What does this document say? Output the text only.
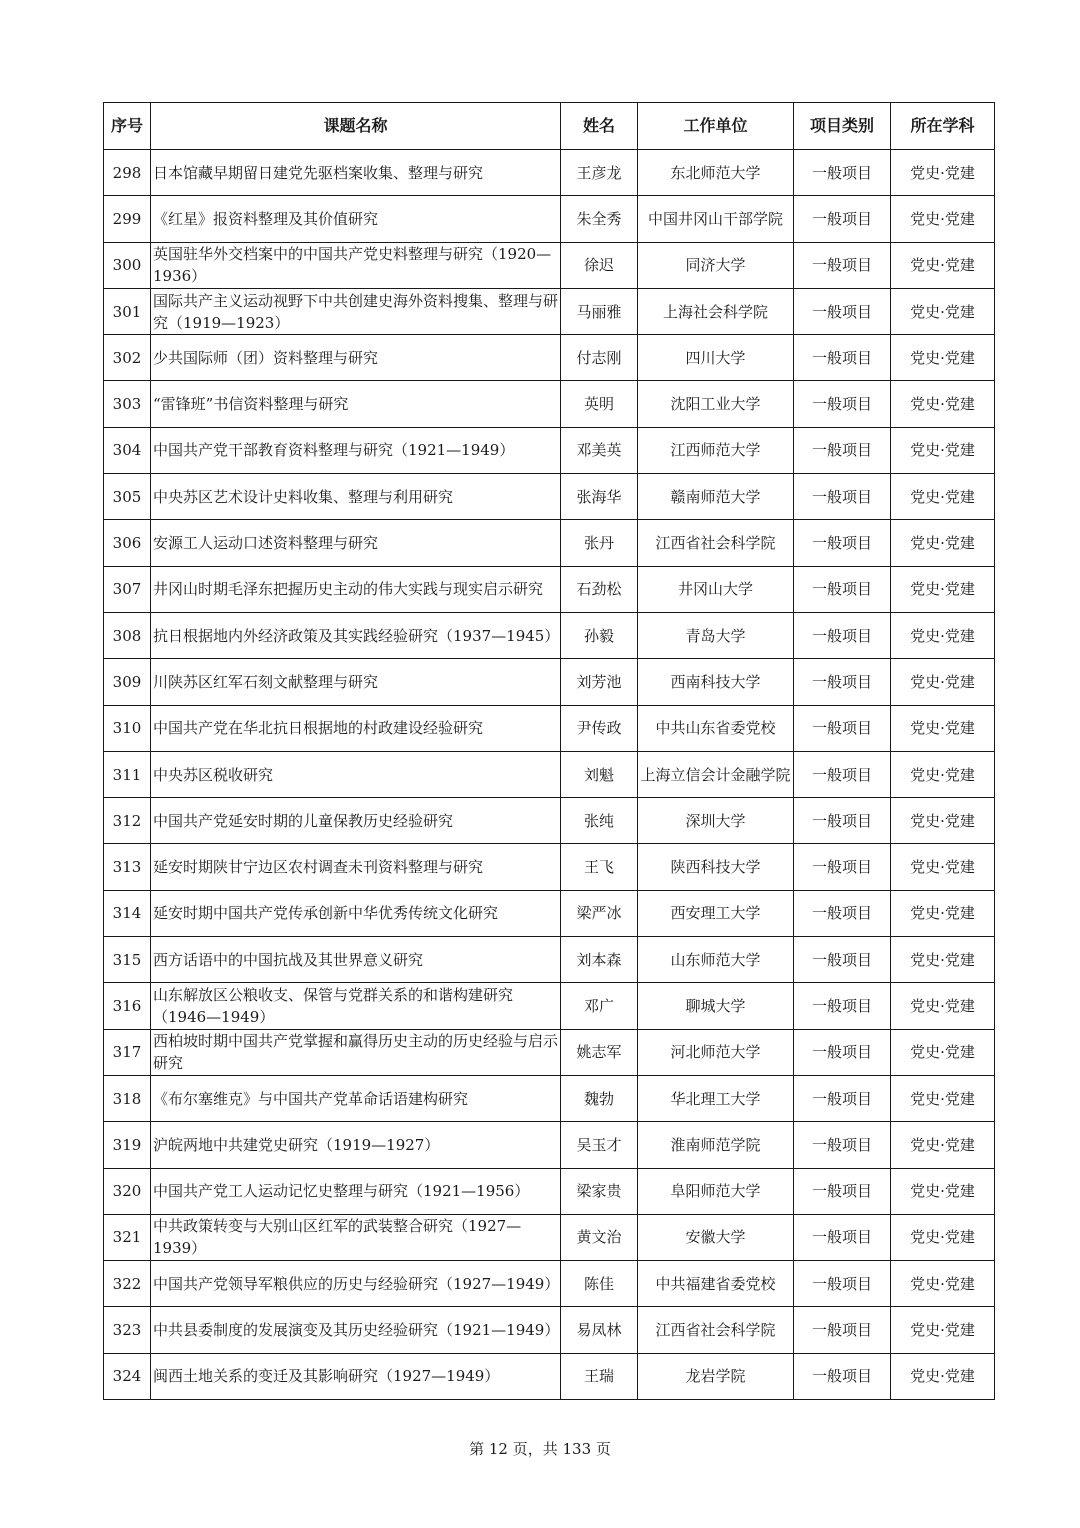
序号	课题名称	姓名	工作单位	项目类别	所在学科
298	日本馆藏早期留日建党先驱档案收集、整理与研究	王彦龙	东北师范大学	一般项目	党史·党建
299	《红星》报资料整理及其价值研究	朱全秀	中国井冈山干部学院	一般项目	党史·党建
300	英国驻华外交档案中的中国共产党史料整理与研究（1920—1936）	徐迟	同济大学	一般项目	党史·党建
301	国际共产主义运动视野下中共创建史海外资料搜集、整理与研究（1919—1923）	马丽雅	上海社会科学院	一般项目	党史·党建
302	少共国际师（团）资料整理与研究	付志刚	四川大学	一般项目	党史·党建
303	“雷锋班”书信资料整理与研究	英明	沈阳工业大学	一般项目	党史·党建
304	中国共产党干部教育资料整理与研究（1921—1949）	邓美英	江西师范大学	一般项目	党史·党建
305	中央苏区艺术设计史料收集、整理与利用研究	张海华	赣南师范大学	一般项目	党史·党建
306	安源工人运动口述资料整理与研究	张丹	江西省社会科学院	一般项目	党史·党建
307	井冈山时期毛泽东把握历史主动的伟大实践与现实启示研究	石劲松	井冈山大学	一般项目	党史·党建
308	抗日根据地内外经济政策及其实践经验研究（1937—1945）	孙毅	青岛大学	一般项目	党史·党建
309	川陕苏区红军石刻文献整理与研究	刘芳池	西南科技大学	一般项目	党史·党建
310	中国共产党在华北抗日根据地的村政建设经验研究	尹传政	中共山东省委党校	一般项目	党史·党建
311	中央苏区税收研究	刘魁	上海立信会计金融学院	一般项目	党史·党建
312	中国共产党延安时期的儿童保教历史经验研究	张纯	深圳大学	一般项目	党史·党建
313	延安时期陕甘宁边区农村调查未刊资料整理与研究	王飞	陕西科技大学	一般项目	党史·党建
314	延安时期中国共产党传承创新中华优秀传统文化研究	梁严冰	西安理工大学	一般项目	党史·党建
315	西方话语中的中国抗战及其世界意义研究	刘本森	山东师范大学	一般项目	党史·党建
316	山东解放区公粮收支、保管与党群关系的和谐构建研究（1946—1949）	邓广	聊城大学	一般项目	党史·党建
317	西柏坡时期中国共产党掌握和赢得历史主动的历史经验与启示研究	姚志军	河北师范大学	一般项目	党史·党建
318	《布尔塞维克》与中国共产党革命话语建构研究	魏勃	华北理工大学	一般项目	党史·党建
319	沪皖两地中共建党史研究（1919—1927）	吴玉才	淮南师范学院	一般项目	党史·党建
320	中国共产党工人运动记忆史整理与研究（1921—1956）	梁家贵	阜阳师范大学	一般项目	党史·党建
321	中共政策转变与大别山区红军的武装整合研究（1927—1939）	黄文治	安徽大学	一般项目	党史·党建
322	中国共产党领导军粮供应的历史与经验研究（1927—1949）	陈佳	中共福建省委党校	一般项目	党史·党建
323	中共县委制度的发展演变及其历史经验研究（1921—1949）	易凤林	江西省社会科学院	一般项目	党史·党建
324	闽西土地关系的变迁及其影响研究（1927—1949）	王瑞	龙岩学院	一般项目	党史·党建
第 12 页，共 133 页
